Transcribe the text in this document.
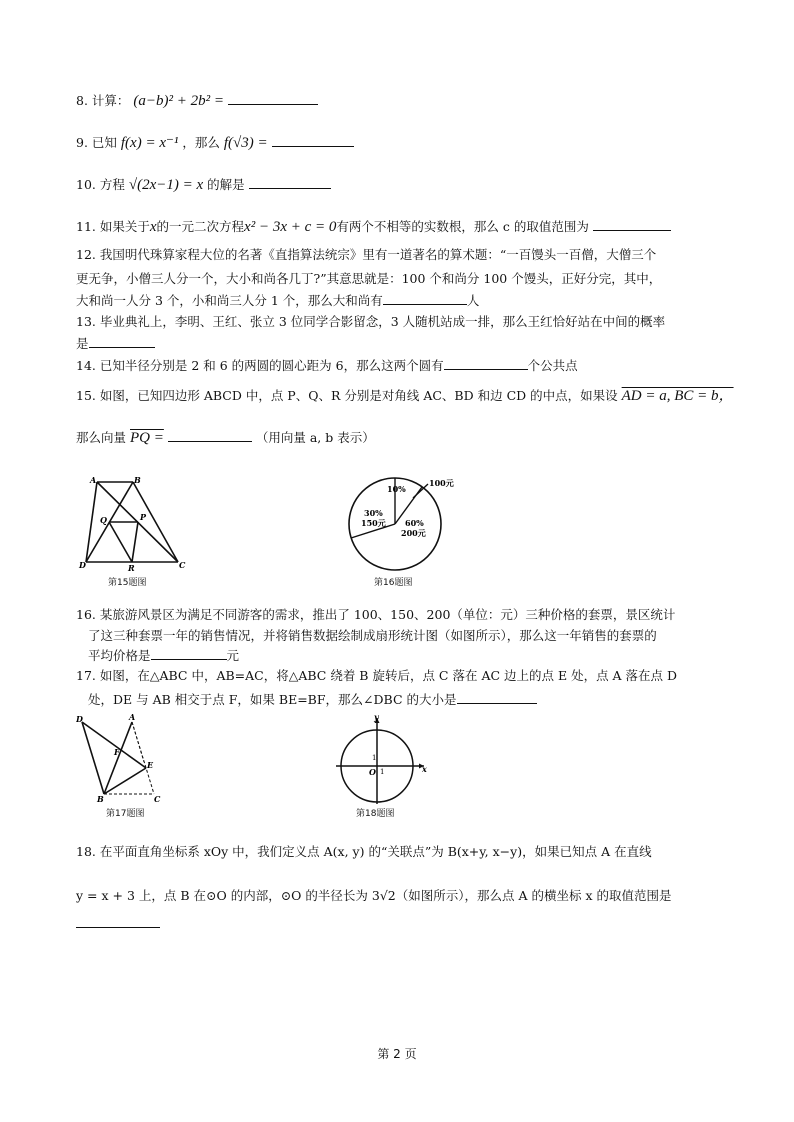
8. 计算： (a−b)² + 2b² =
9. 已知 f(x) = x⁻¹ ，那么 f(√3) =
10. 方程 √(2x−1) = x 的解是
11. 如果关于x的一元二次方程x² − 3x + c = 0有两个不相等的实数根，那么 c 的取值范围为
12. 我国明代珠算家程大位的名著《直指算法统宗》里有一道著名的算术题：“一百馒头一百僧，大僧三个
更无争，小僧三人分一个，大小和尚各几丁?”其意思就是：100 个和尚分 100 个馒头，正好分完，其中，
大和尚一人分 3 个，小和尚三人分 1 个，那么大和尚有	人
13. 毕业典礼上，李明、王红、张立 3 位同学合影留念，3 人随机站成一排，那么王红恰好站在中间的概率
是
14. 已知半径分别是 2 和 6 的两圆的圆心距为 6，那么这两个圆有	个公共点
15. 如图，已知四边形 ABCD 中，点 P、Q、R 分别是对角线 AC、BD 和边 CD 的中点，如果设 AD = a, BC = b，
那么向量 PQ =	（用向量 a, b 表示）
A	B
Q	P
D	R	C
第15题图
10%
100元
30%
150元 60%
200元
第16题图
16. 某旅游风景区为满足不同游客的需求，推出了 100、150、200（单位：元）三种价格的套票，景区统计
了这三种套票一年的销售情况，并将销售数据绘制成扇形统计图（如图所示），那么这一年销售的套票的
平均价格是	元
17. 如图，在△ABC 中，AB=AC，将△ABC 绕着 B 旋转后，点 C 落在 AC 边上的点 E 处，点 A 落在点 D
处，DE 与 AB 相交于点 F，如果 BE=BF，那么∠DBC 的大小是
D	A
F
E
B	C
第17题图
y
x
O 1
1
第18题图
18. 在平面直角坐标系 xOy 中，我们定义点 A(x, y) 的“关联点”为 B(x+y, x−y)，如果已知点 A 在直线
y = x + 3 上，点 B 在⊙O 的内部，⊙O 的半径长为 3√2（如图所示），那么点 A 的横坐标 x 的取值范围是
第 2 页
